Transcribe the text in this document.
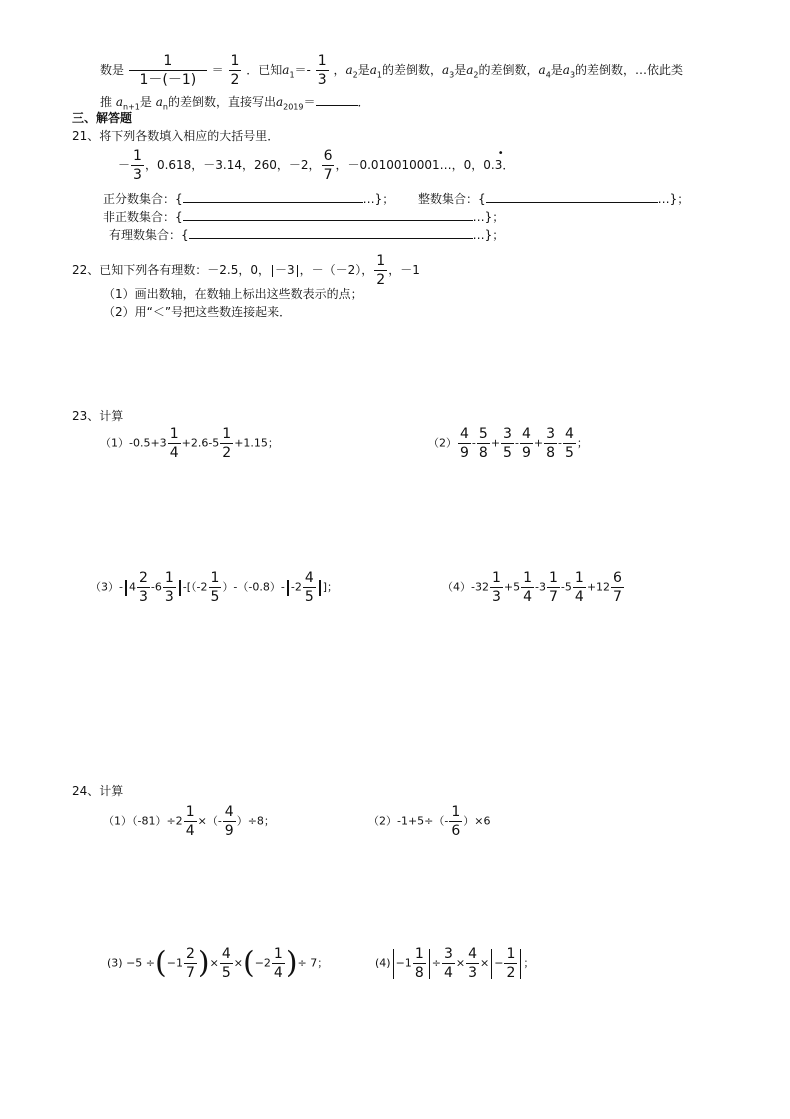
数是 $\frac{1}{1-(-1)} = \frac{1}{2}$ ．已知$a_1=- \frac{1}{3}$ ，$a_2$是$a_1$的差倒数，$a_3$是$a_2$的差倒数，$a_4$是$a_3$的差倒数，…依此类
推 $a_{n+1}$是 $a_n$的差倒数，直接写出$a_{2019}=$	．
三、解答题
21、将下列各数填入相应的大括号里．
－ $\frac{1}{3}$ ，0.618，－3.14，260，－2， $\frac{6}{7}$ ，－0.010010001…，0，0.3
•
．
正分数集合：{	…}； 整数集合：{	…}；
非正数集合：{	…}；
有理数集合：{	…}；
22、已知下列各有理数：－2.5，0， －3 ，－（－2）， $\frac{1}{2}$ ，－1
（1）画出数轴，在数轴上标出这些数表示的点；
（2）用“＜”号把这些数连接起来．
23、计算
$(1)-0.5+3 \frac{1}{4} +2.6-5 \frac{1}{2} +1.15$；	$(2) \frac{4}{9} - \frac{5}{8} + \frac{3}{5} - \frac{4}{9} + \frac{3}{8} - \frac{4}{5}$ ；
（3）- $4 \frac{2}{3} -6 \frac{1}{3} -[(-2 \frac{1}{5} )-(-0.8)-$ $-2 \frac{4}{5}$ ]；	$(4)-32 \frac{1}{3} +5 \frac{1}{4} -3 \frac{1}{7} -5 \frac{1}{4} +12 \frac{6}{7}$
24、计算
$(1)(-81)\div 2 \frac{1}{4}$ ×（- $\frac{4}{9} )\div 8$；	$(2)-1+5\div(- \frac{1}{6} )\times 6$
$(3) -5 \div(-1 \frac{2}{7}$ )× $\frac{4}{5} \times(-2 \frac{1}{4}$ )÷ 7；	$(4) -1 \frac{1}{8} \div \frac{3}{4} \times \frac{4}{3}$ × − $\frac{1}{2}$ ；
